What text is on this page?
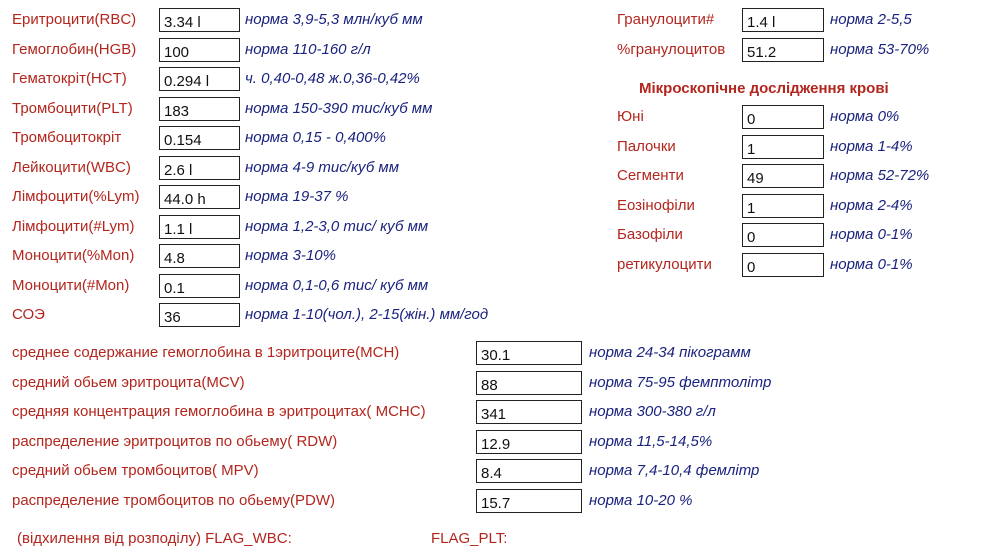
Еритроцити(RBC)	3.34 l	норма 3,9-5,3 млн/куб мм
Гемоглобин(HGB)	100	норма 110-160 г/л
Гематокріт(HCT)	0.294 l	ч. 0,40-0,48 ж.0,36-0,42%
Тромбоцити(PLT)	183	норма 150-390 тис/куб мм
Тромбоцитокріт	0.154	норма 0,15 - 0,400%
Лейкоцити(WBC)	2.6 l	норма 4-9 тис/куб мм
Лімфоцити(%Lym)	44.0 h	норма 19-37 %
Лімфоцити(#Lym)	1.1 l	норма 1,2-3,0 тис/ куб мм
Моноцити(%Mon)	4.8	норма 3-10%
Моноцити(#Mon)	0.1	норма 0,1-0,6 тис/ куб мм
СОЭ	36	норма 1-10(чол.), 2-15(жін.) мм/год
Гранулоцити#	1.4 l	норма 2-5,5
%гранулоцитов	51.2	норма 53-70%
Мікроскопічне дослідження крові
Юні	0	норма 0%
Палочки	1	норма 1-4%
Сегменти	49	норма 52-72%
Еозінофіли	1	норма 2-4%
Базофіли	0	норма 0-1%
ретикулоцити	0	норма 0-1%
среднее содержание гемоглобина в 1эритроците(MCH)	30.1	норма 24-34 пікограмм
средний обьем эритроцита(MCV)	88	норма 75-95 фемптолітр
средняя концентрация гемоглобина в эритроцитах( MCHC)	341	норма 300-380 г/л
распределение эритроцитов по обьему( RDW)	12.9	норма 11,5-14,5%
средний обьем тромбоцитов( MPV)	8.4	норма 7,4-10,4 фемлітр
распределение тромбоцитов по обьему(PDW)	15.7	норма 10-20 %
(відхилення від розподілу) FLAG_WBC:	FLAG_PLT:
